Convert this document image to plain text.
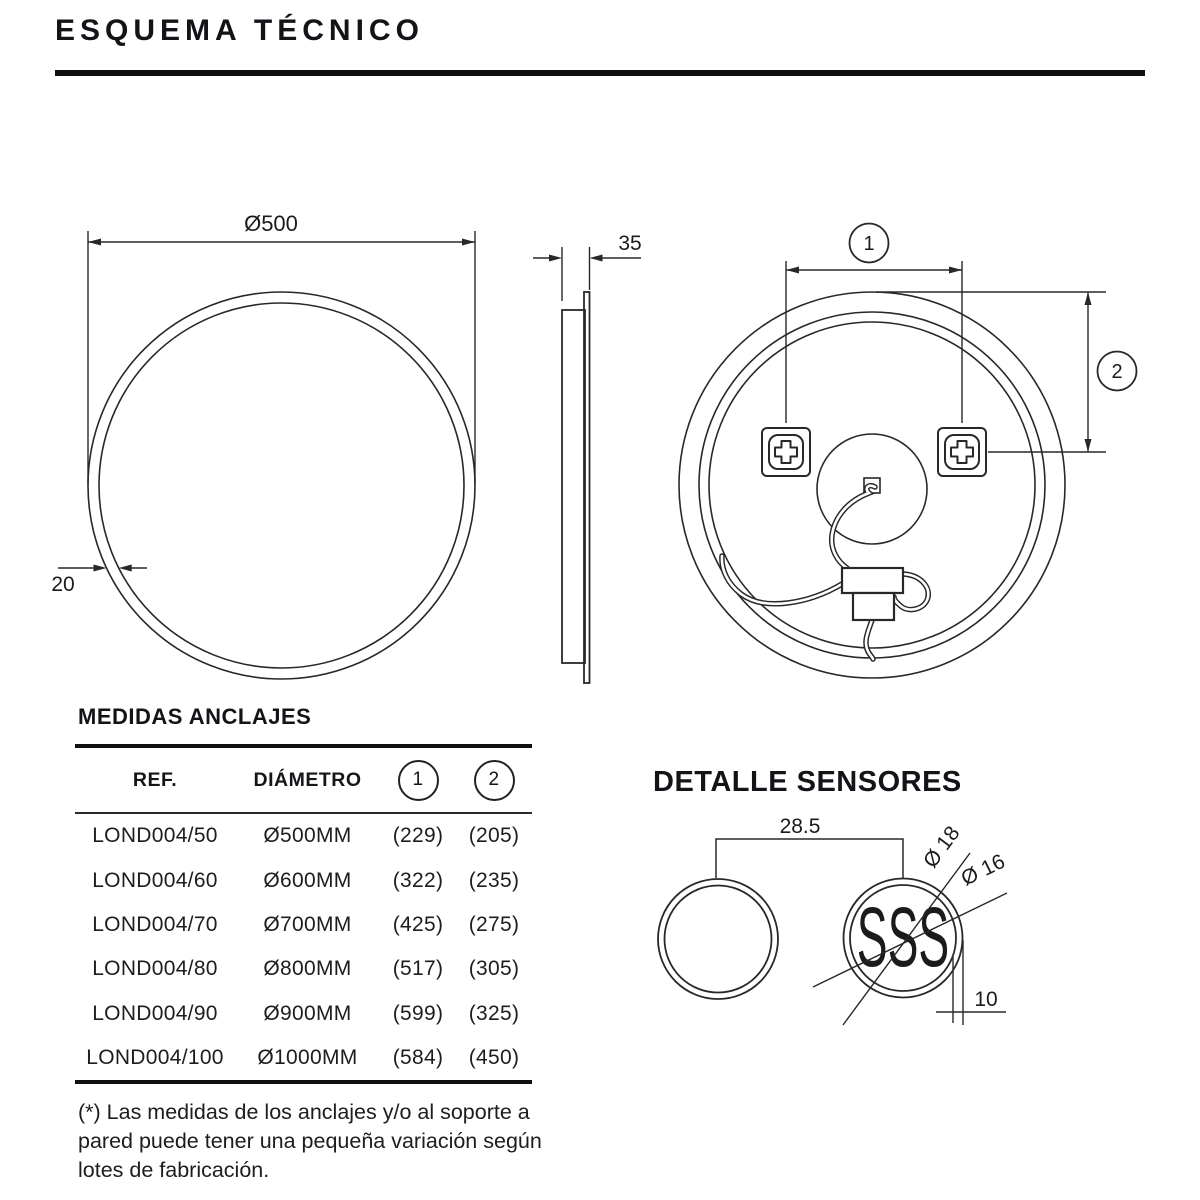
ESQUEMA TÉCNICO
Ø500
20
35	1
2
SSS
28.5	Ø 18
Ø 16
10
MEDIDAS ANCLAJES
REF.	DIÁMETRO	1	2
LOND004/50 Ø500MM (229) (205)
LOND004/60 Ø600MM (322) (235)
LOND004/70 Ø700MM (425) (275)
LOND004/80 Ø800MM (517) (305)
LOND004/90 Ø900MM (599) (325)
LOND004/100 Ø1000MM (584) (450)
DETALLE SENSORES
(*) Las medidas de los anclajes y/o al soporte a pared puede tener una pequeña variación según lotes de fabricación.
